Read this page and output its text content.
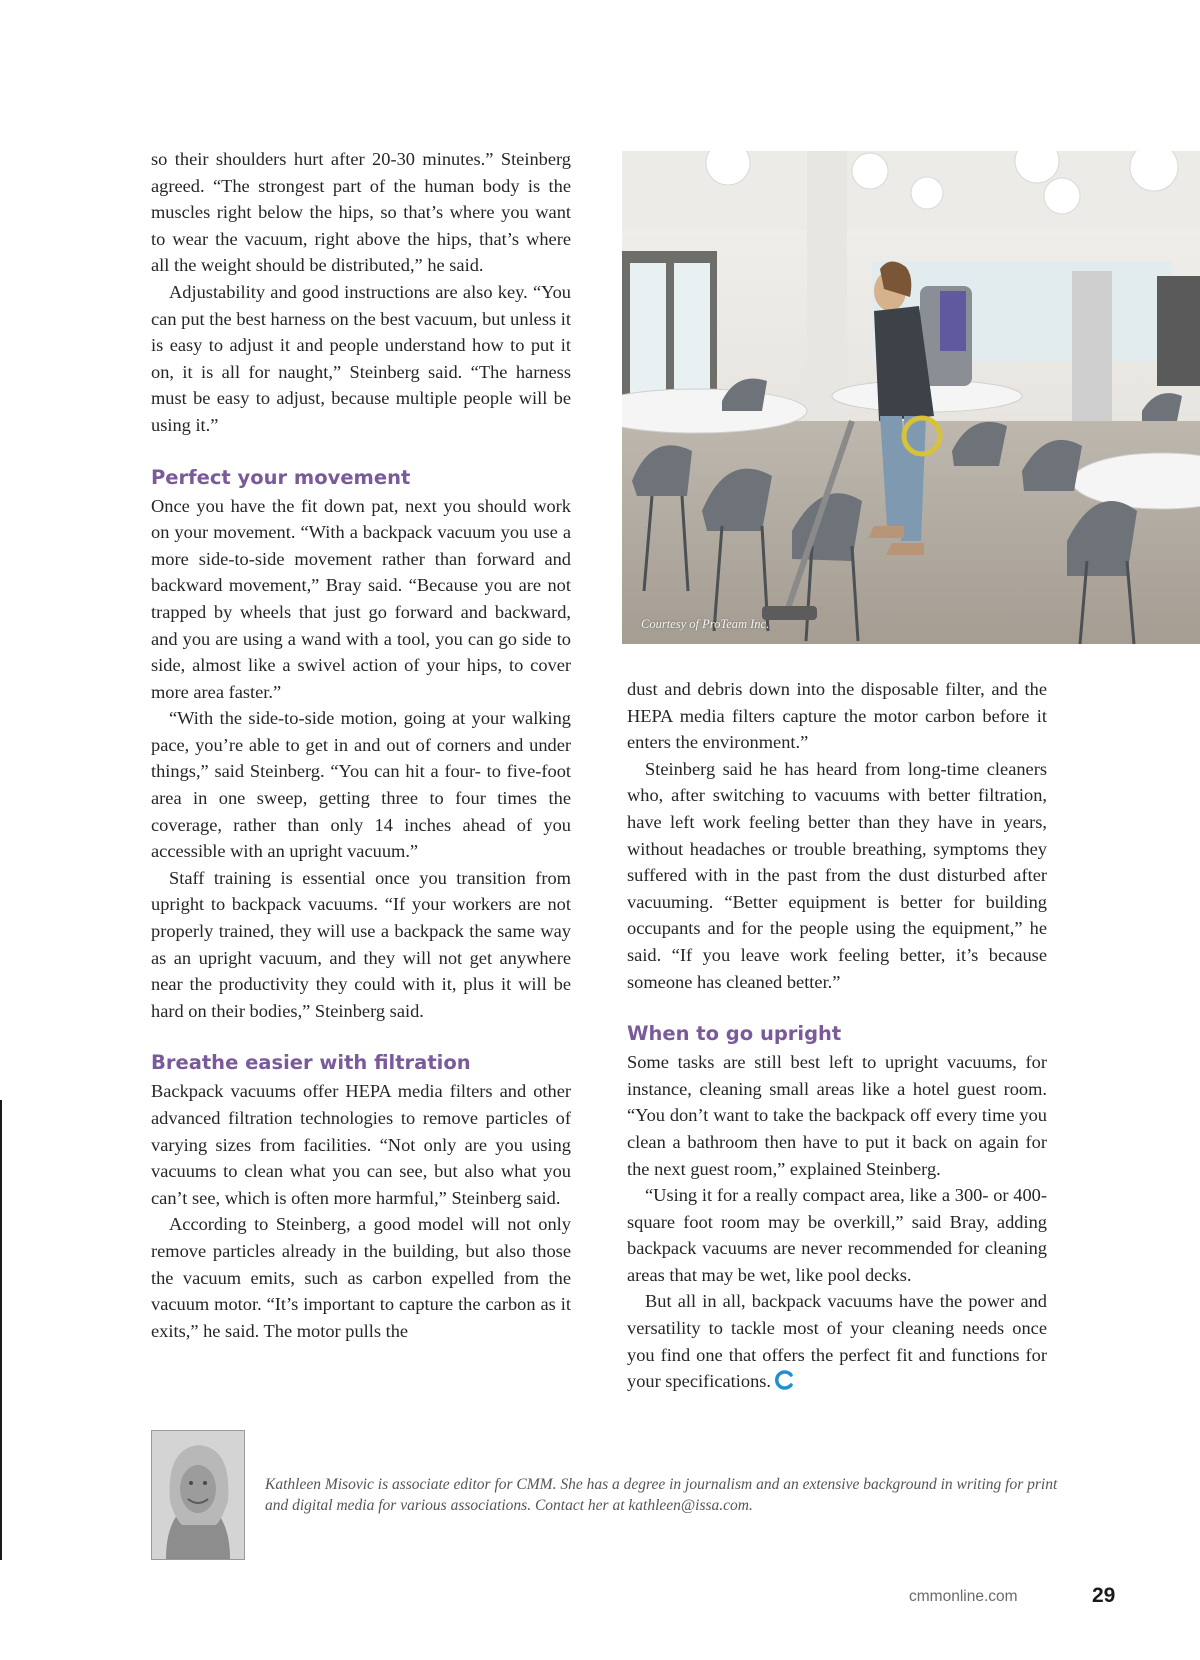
so their shoulders hurt after 20-30 minutes.” Steinberg agreed. “The strongest part of the human body is the muscles right below the hips, so that’s where you want to wear the vacuum, right above the hips, that’s where all the weight should be distributed,” he said.

Adjustability and good instructions are also key. “You can put the best harness on the best vacuum, but unless it is easy to adjust it and people understand how to put it on, it is all for naught,” Steinberg said. “The harness must be easy to adjust, because multiple people will be using it.”

Perfect your movement

Once you have the fit down pat, next you should work on your movement. “With a backpack vacuum you use a more side-to-side movement rather than forward and backward movement,” Bray said. “Because you are not trapped by wheels that just go forward and backward, and you are using a wand with a tool, you can go side to side, almost like a swivel action of your hips, to cover more area faster.”

“With the side-to-side motion, going at your walking pace, you’re able to get in and out of corners and under things,” said Steinberg. “You can hit a four- to five-foot area in one sweep, getting three to four times the coverage, rather than only 14 inches ahead of you accessible with an upright vacuum.”

Staff training is essential once you transition from upright to backpack vacuums. “If your workers are not properly trained, they will use a backpack the same way as an upright vacuum, and they will not get anywhere near the productivity they could with it, plus it will be hard on their bodies,” Steinberg said.

Breathe easier with filtration

Backpack vacuums offer HEPA media filters and other advanced filtration technologies to remove particles of varying sizes from facilities. “Not only are you using vacuums to clean what you can see, but also what you can’t see, which is often more harmful,” Steinberg said.

According to Steinberg, a good model will not only remove particles already in the building, but also those the vacuum emits, such as carbon expelled from the vacuum motor. “It’s important to capture the carbon as it exits,” he said. The motor pulls the

Courtesy of ProTeam Inc.

dust and debris down into the disposable filter, and the HEPA media filters capture the motor carbon before it enters the environment.”

Steinberg said he has heard from long-time cleaners who, after switching to vacuums with better filtration, have left work feeling better than they have in years, without headaches or trouble breathing, symptoms they suffered with in the past from the dust disturbed after vacuuming. “Better equipment is better for building occupants and for the people using the equipment,” he said. “If you leave work feeling better, it’s because someone has cleaned better.”

When to go upright

Some tasks are still best left to upright vacuums, for instance, cleaning small areas like a hotel guest room. “You don’t want to take the backpack off every time you clean a bathroom then have to put it back on again for the next guest room,” explained Steinberg.

“Using it for a really compact area, like a 300- or 400-square foot room may be overkill,” said Bray, adding backpack vacuums are never recommended for cleaning areas that may be wet, like pool decks.

But all in all, backpack vacuums have the power and versatility to tackle most of your cleaning needs once you find one that offers the perfect fit and functions for your specifications.

Kathleen Misovic is associate editor for CMM. She has a degree in journalism and an extensive background in writing for print and digital media for various associations. Contact her at kathleen@issa.com.
cmmonline.com	29
